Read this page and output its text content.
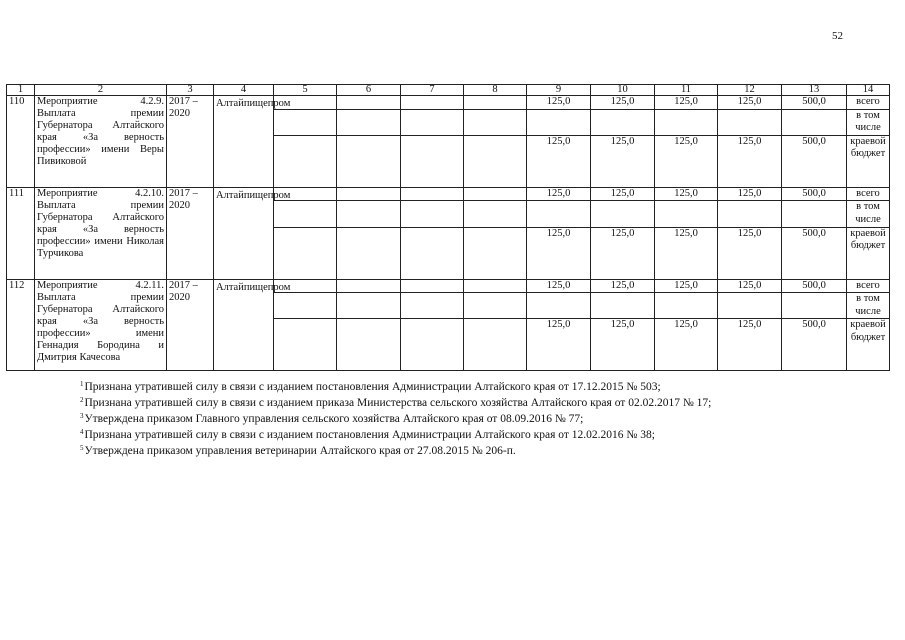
52
1	2	3	4	5	6	7	8	9	10	11	12	13	14
110	Мероприятие 4.2.9. Выплата премии Губернатора Алтайского края «За верность профессии» имени Веры Пивиковой	2017 – 2020	Алтайпищепром					125,0	125,0	125,0	125,0	500,0	всего
													в том числе
								125,0	125,0	125,0	125,0	500,0	краевой бюджет
111	Мероприятие 4.2.10. Выплата премии Губернатора Алтайского края «За верность профессии» имени Николая Турчикова	2017 – 2020	Алтайпищепром					125,0	125,0	125,0	125,0	500,0	всего
													в том числе
								125,0	125,0	125,0	125,0	500,0	краевой бюджет
112	Мероприятие 4.2.11. Выплата премии Губернатора Алтайского края «За верность профессии» имени Геннадия Бородина и Дмитрия Качесова	2017 – 2020	Алтайпищепром					125,0	125,0	125,0	125,0	500,0	всего
													в том числе
								125,0	125,0	125,0	125,0	500,0	краевой бюджет
$^1$Признана утратившей силу в связи с изданием постановления Администрации Алтайского края от 17.12.2015 № 503;
$^2$Признана утратившей силу в связи с изданием приказа Министерства сельского хозяйства Алтайского края от 02.02.2017 № 17;
$^3$Утверждена приказом Главного управления сельского хозяйства Алтайского края от 08.09.2016 № 77;
$^4$Признана утратившей силу в связи с изданием постановления Администрации Алтайского края от 12.02.2016 № 38;
$^5$Утверждена приказом управления ветеринарии Алтайского края от 27.08.2015 № 206-п.
